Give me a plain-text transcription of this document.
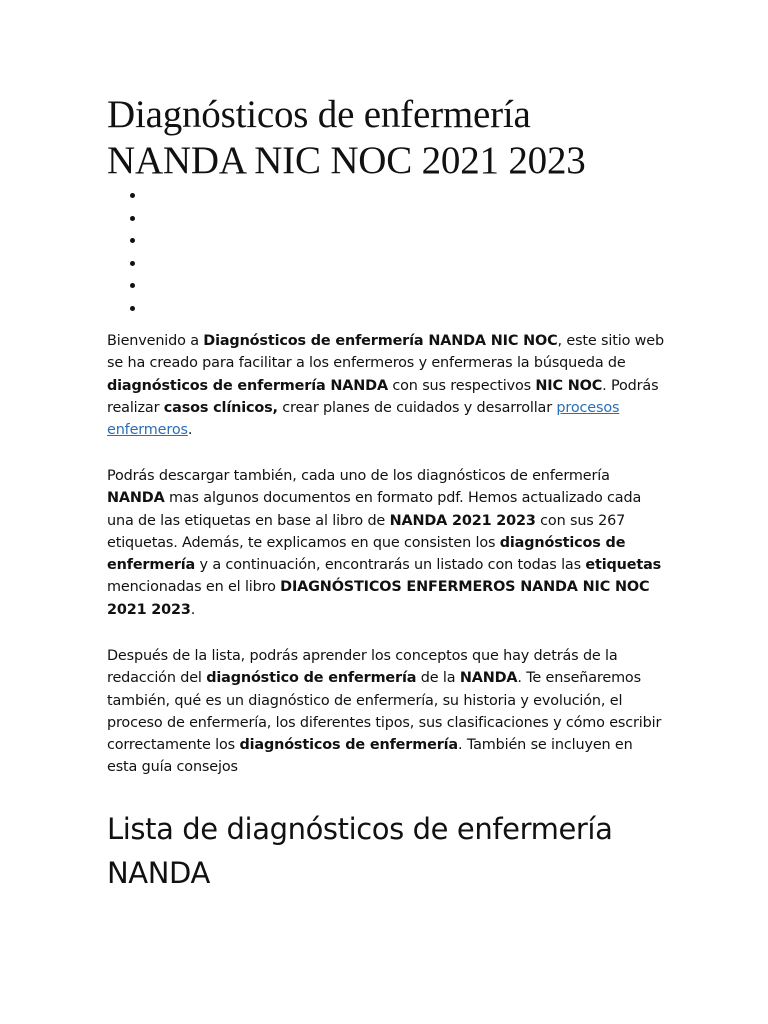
Diagnósticos de enfermería
NANDA NIC NOC 2021 2023

Bienvenido a Diagnósticos de enfermería NANDA NIC NOC, este sitio web se ha creado para facilitar a los enfermeros y enfermeras la búsqueda de diagnósticos de enfermería NANDA con sus respectivos NIC NOC. Podrás realizar casos clínicos, crear planes de cuidados y desarrollar procesos enfermeros.

Podrás descargar también, cada uno de los diagnósticos de enfermería NANDA mas algunos documentos en formato pdf. Hemos actualizado cada una de las etiquetas en base al libro de NANDA 2021 2023 con sus 267 etiquetas. Además, te explicamos en que consisten los diagnósticos de enfermería y a continuación, encontrarás un listado con todas las etiquetas mencionadas en el libro DIAGNÓSTICOS ENFERMEROS NANDA NIC NOC 2021 2023.

Después de la lista, podrás aprender los conceptos que hay detrás de la redacción del diagnóstico de enfermería de la NANDA. Te enseñaremos también, qué es un diagnóstico de enfermería, su historia y evolución, el proceso de enfermería, los diferentes tipos, sus clasificaciones y cómo escribir correctamente los diagnósticos de enfermería. También se incluyen en esta guía consejos

Lista de diagnósticos de enfermería
NANDA
